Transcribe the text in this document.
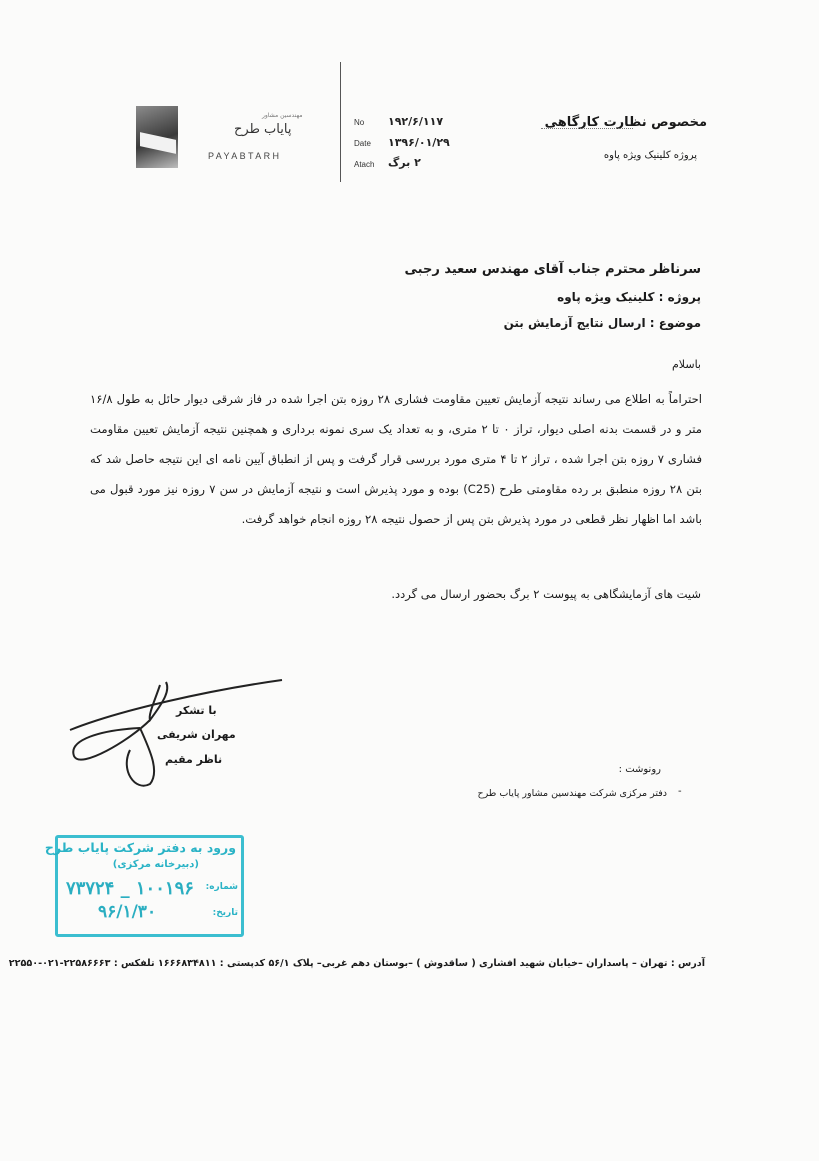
مهندسین مشاور
پایاب طرح
PAYABTARH
No ۱۹۲/۶/۱۱۷
Date ۱۳۹۶/۰۱/۲۹
Atach ۲ برگ
مخصوص نظارت کارگاهی
پروژه کلینیک ویژه پاوه
سرناظر محترم جناب آقای مهندس سعید رجبی
پروژه : کلینیک ویژه پاوه
موضوع : ارسال نتایج آزمایش بتن
باسلام
احتراماً به اطلاع می رساند نتیجه آزمایش تعیین مقاومت فشاری ۲۸ روزه بتن اجرا شده در فاز شرقی دیوار حائل به طول ۱۶/۸ متر و در قسمت بدنه اصلی دیوار، تراز ۰ تا ۲ متری، و به تعداد یک سری نمونه برداری و همچنین نتیجه آزمایش تعیین مقاومت فشاری ۷ روزه بتن اجرا شده ، تراز ۲ تا ۴ متری مورد بررسی قرار گرفت و پس از انطباق آیین نامه ای این نتیجه حاصل شد که بتن ۲۸ روزه منطبق بر رده مقاومتی طرح (C25) بوده و مورد پذیرش است و نتیجه آزمایش در سن ۷ روزه نیز مورد قبول می باشد اما اظهار نظر قطعی در مورد پذیرش بتن پس از حصول نتیجه ۲۸ روزه انجام خواهد گرفت.
شیت های آزمایشگاهی به پیوست ۲ برگ بحضور ارسال می گردد.
با تشکر
مهران شریفی
ناظر مقیم
رونوشت :
-
دفتر مرکزی شرکت مهندسین مشاور پایاب طرح
ورود به دفتر شرکت پایاب طرح
(دبیرخانه مرکزی)
شماره:
۱۰۰۱۹۶ _ ۷۳۷۲۴
تاریخ:
۹۶/۱/۳۰
آدرس : تهران – پاسداران –خیابان شهید افشاری ( ساقدوش ) –بوستان دهم غربی– پلاک ۵۶/۱ کدپستی : ۱۶۶۶۸۳۴۸۱۱ تلفکس : ۲۲۵۸۶۶۶۳-۰۲۱-۲۲۵۵۰
